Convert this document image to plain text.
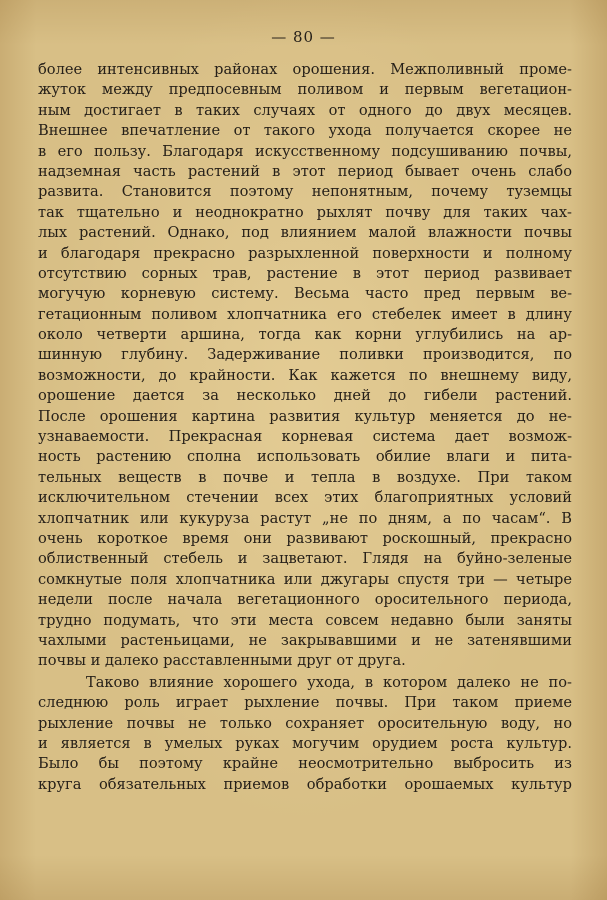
— 80 —
более интенсивных районах орошения. Межполивный проме-
жуток между предпосевным поливом и первым вегетацион-
ным достигает в таких случаях от одного до двух месяцев.
Внешнее впечатление от такого ухода получается скорее не
в его пользу. Благодаря искусственному подсушиванию почвы,
надземная часть растений в этот период бывает очень слабо
развита. Становится поэтому непонятным, почему туземцы
так тщательно и неоднократно рыхлят почву для таких чах-
лых растений. Однако, под влиянием малой влажности почвы
и благодаря прекрасно разрыхленной поверхности и полному
отсутствию сорных трав, растение в этот период развивает
могучую корневую систему. Весьма часто пред первым ве-
гетационным поливом хлопчатника его стебелек имеет в длину
около четверти аршина, тогда как корни углубились на ар-
шинную глубину. Задерживание поливки производится, по
возможности, до крайности. Как кажется по внешнему виду,
орошение дается за несколько дней до гибели растений.
После орошения картина развития культур меняется до не-
узнаваемости. Прекрасная корневая система дает возмож-
ность растению сполна использовать обилие влаги и пита-
тельных веществ в почве и тепла в воздухе. При таком
исключительном стечении всех этих благоприятных условий
хлопчатник или кукуруза растут „не по дням, а по часам“. В
очень короткое время они развивают роскошный, прекрасно
облиственный стебель и зацветают. Глядя на буйно-зеленые
сомкнутые поля хлопчатника или джугары спустя три — четыре
недели после начала вегетационного оросительного периода,
трудно подумать, что эти места совсем недавно были заняты
чахлыми растеньицами, не закрывавшими и не затенявшими
почвы и далеко расставленными друг от друга.
Таково влияние хорошего ухода, в котором далеко не по-
следнюю роль играет рыхление почвы. При таком приеме
рыхление почвы не только сохраняет оросительную воду, но
и является в умелых руках могучим орудием роста культур.
Было бы поэтому крайне неосмотрительно выбросить из
круга обязательных приемов обработки орошаемых культур
